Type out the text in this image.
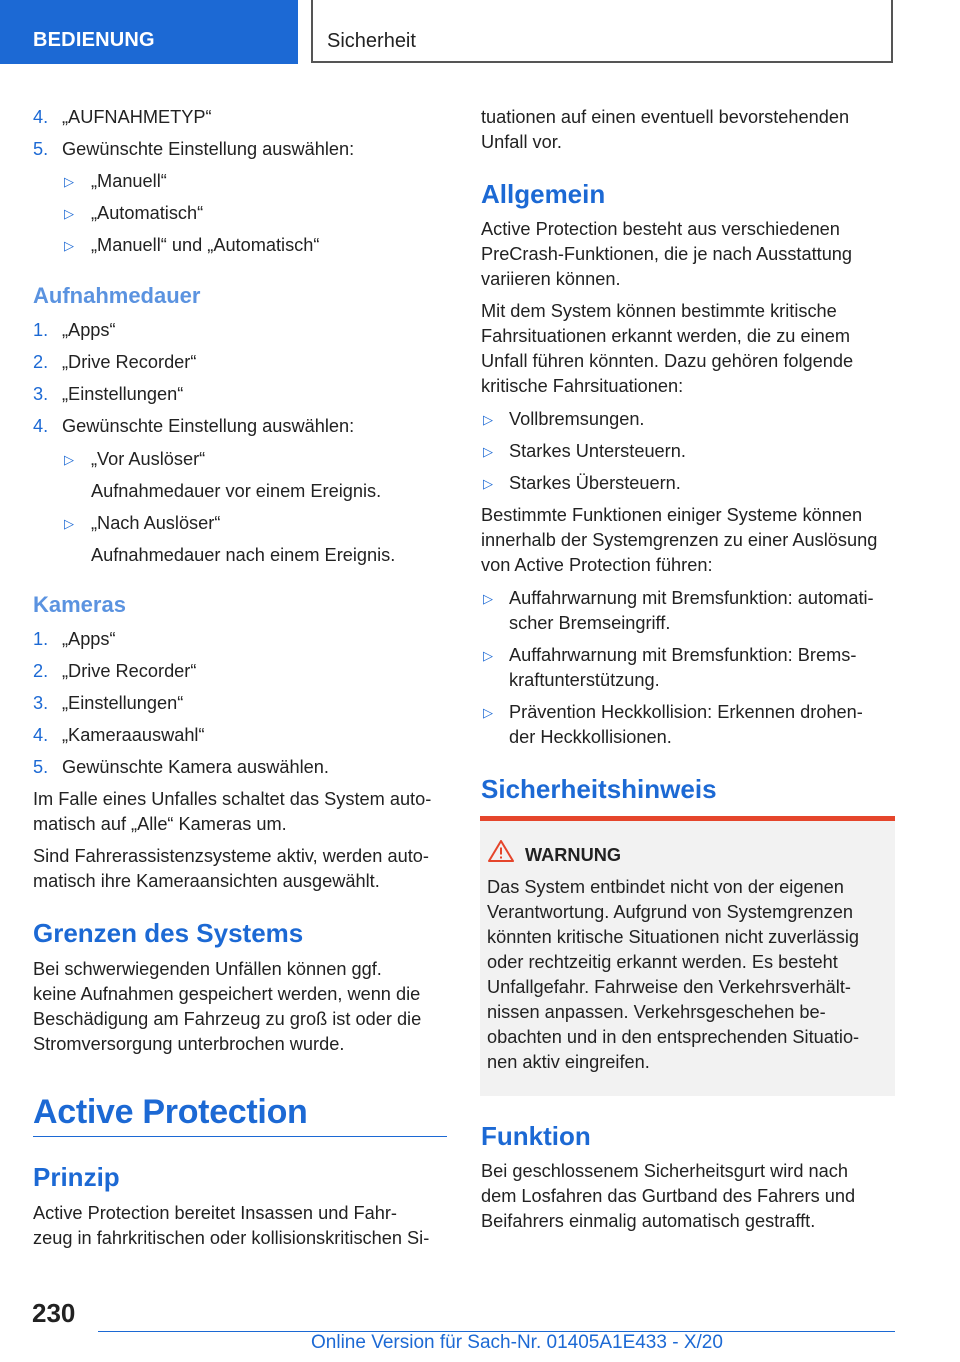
BEDIENUNG	Sicherheit
4. „AUFNAHMETYP“
5. Gewünschte Einstellung auswählen:
▷ „Manuell“
▷ „Automatisch“
▷ „Manuell“ und „Automatisch“
Aufnahmedauer
1. „Apps“
2. „Drive Recorder“
3. „Einstellungen“
4. Gewünschte Einstellung auswählen:
▷ „Vor Auslöser“
Aufnahmedauer vor einem Ereignis.
▷ „Nach Auslöser“
Aufnahmedauer nach einem Ereignis.
Kameras
1. „Apps“
2. „Drive Recorder“
3. „Einstellungen“
4. „Kameraauswahl“
5. Gewünschte Kamera auswählen.
Im Falle eines Unfalles schaltet das System auto-
matisch auf „Alle“ Kameras um.
Sind Fahrerassistenzsysteme aktiv, werden auto-
matisch ihre Kameraansichten ausgewählt.
Grenzen des Systems
Bei schwerwiegenden Unfällen können ggf.
keine Aufnahmen gespeichert werden, wenn die
Beschädigung am Fahrzeug zu groß ist oder die
Stromversorgung unterbrochen wurde.
Active Protection
Prinzip
Active Protection bereitet Insassen und Fahr-
zeug in fahrkritischen oder kollisionskritischen Si-
tuationen auf einen eventuell bevorstehenden
Unfall vor.
Allgemein
Active Protection besteht aus verschiedenen
PreCrash-Funktionen, die je nach Ausstattung
variieren können.
Mit dem System können bestimmte kritische
Fahrsituationen erkannt werden, die zu einem
Unfall führen könnten. Dazu gehören folgende
kritische Fahrsituationen:
▷ Vollbremsungen.
▷ Starkes Untersteuern.
▷ Starkes Übersteuern.
Bestimmte Funktionen einiger Systeme können
innerhalb der Systemgrenzen zu einer Auslösung
von Active Protection führen:
▷ Auffahrwarnung mit Bremsfunktion: automati-
scher Bremseingriff.
▷ Auffahrwarnung mit Bremsfunktion: Brems-
kraftunterstützung.
▷ Prävention Heckkollision: Erkennen drohen-
der Heckkollisionen.
Sicherheitshinweis
WARNUNG
Das System entbindet nicht von der eigenen
Verantwortung. Aufgrund von Systemgrenzen
könnten kritische Situationen nicht zuverlässig
oder rechtzeitig erkannt werden. Es besteht
Unfallgefahr. Fahrweise den Verkehrsverhält-
nissen anpassen. Verkehrsgeschehen be-
obachten und in den entsprechenden Situatio-
nen aktiv eingreifen.
Funktion
Bei geschlossenem Sicherheitsgurt wird nach
dem Losfahren das Gurtband des Fahrers und
Beifahrers einmalig automatisch gestrafft.
230
Online Version für Sach-Nr. 01405A1E433 - X/20
